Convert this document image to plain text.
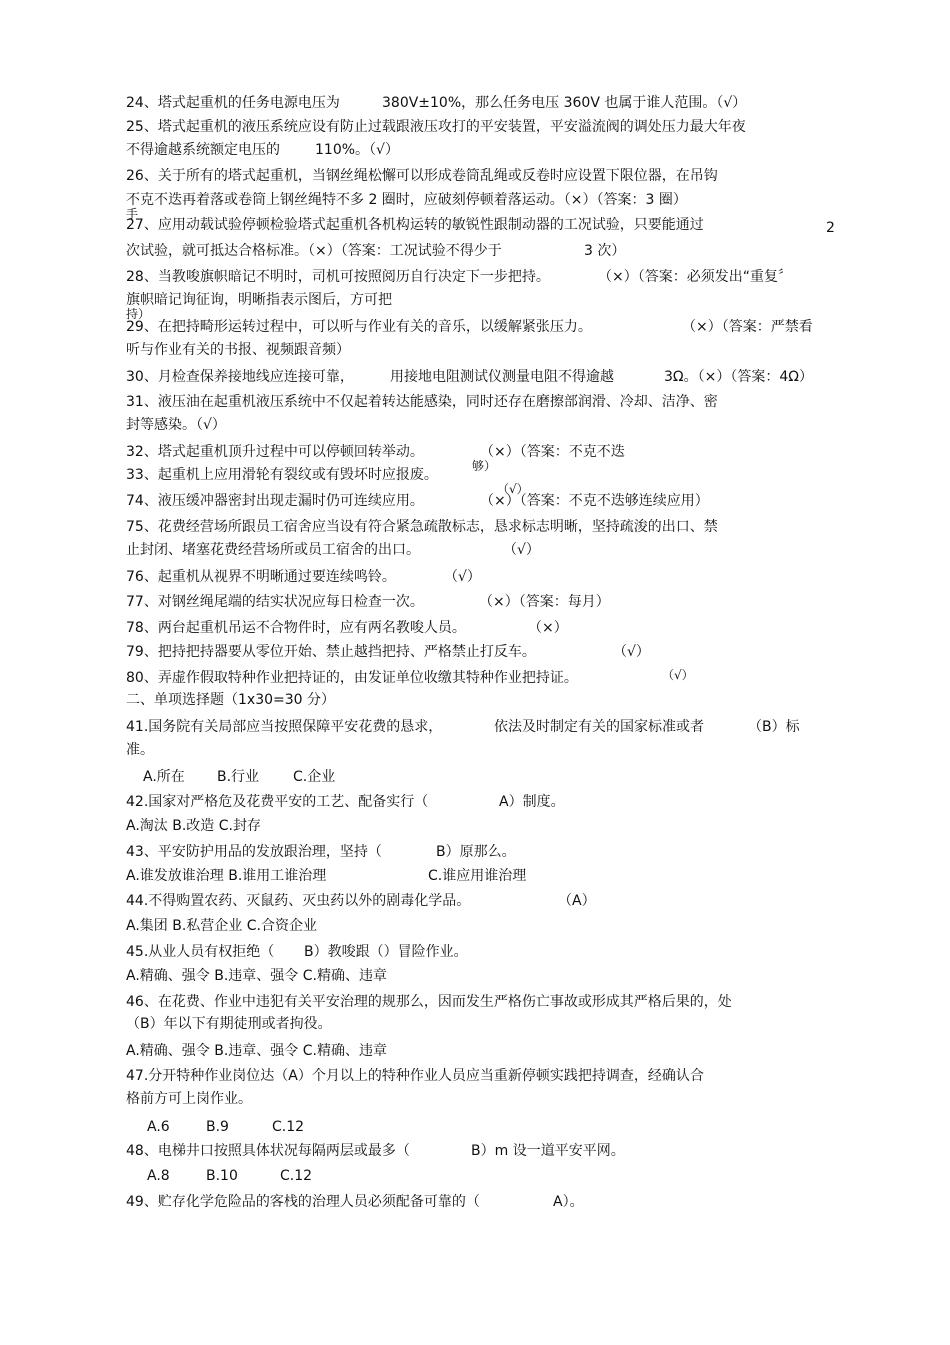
2
24、塔式起重机的任务电源电压为	380V±10%，那么任务电压 360V 也属于谁人范围。（√）
25、塔式起重机的液压系统应设有防止过载跟液压攻打的平安装置，平安溢流阀的调处压力最大年夜
不得逾越系统额定电压的	110%。（√）
26、关于所有的塔式起重机，当钢丝绳松懈可以形成卷筒乱绳或反卷时应设置下限位器，在吊钩
不克不迭再着落或卷筒上钢丝绳特不多 2 圈时，应破刻停顿着落运动。（×）（答案：3 圈）
手
27、应用动载试验停顿检验塔式起重机各机构运转的敏锐性跟制动器的工况试验，只要能通过
次试验，就可抵达合格标准。（×）（答案：工况试验不得少于	3 次）
28、当教唆旗帜暗记不明时，司机可按照阅历自行决定下一步把持。	（×）（答案：必须发出“重复〞
旗帜暗记询征询，明晰指表示图后，方可把
持）
29、在把持畸形运转过程中，可以听与作业有关的音乐，以缓解紧张压力。	（×）（答案：严禁看
听与作业有关的书报、视频跟音频）
30、月检查保养接地线应连接可靠，	用接地电阻测试仪测量电阻不得逾越	3Ω。（×）（答案：4Ω）
31、液压油在起重机液压系统中不仅起着转达能感染，同时还存在磨擦部润滑、冷却、洁净、密
封等感染。（√）
32、塔式起重机顶升过程中可以停顿回转举动。	（×）（答案：不克不迭
够）
33、起重机上应用滑轮有裂纹或有毁坏时应报废。
（√）
74、液压缓冲器密封出现走漏时仍可连续应用。	（×）（答案：不克不迭够连续应用）
75、花费经营场所跟员工宿舍应当设有符合紧急疏散标志，恳求标志明晰，坚持疏浚的出口、禁
止封闭、堵塞花费经营场所或员工宿舍的出口。	（√）
76、起重机从视界不明晰通过要连续鸣铃。	（√）
77、对钢丝绳尾端的结实状况应每日检查一次。	（×）（答案：每月）
78、两台起重机吊运不合物件时，应有两名教唆人员。	（×）
79、把持把持器要从零位开始、禁止越挡把持、严格禁止打反车。	（√）
80、弄虚作假取特种作业把持证的，由发证单位收缴其特种作业把持证。	（√）
二、单项选择题（1x30=30 分）
41.国务院有关局部应当按照保障平安花费的恳求，	依法及时制定有关的国家标准或者	（B）标
准。
A.所在 B.行业 C.企业
42.国家对严格危及花费平安的工艺、配备实行（	A）制度。
A.淘汰 B.改造 C.封存
43、平安防护用品的发放跟治理，坚持（	B）原那么。
A.谁发放谁治理 B.谁用工谁治理	C.谁应用谁治理
44.不得购置农药、灭鼠药、灭虫药以外的剧毒化学品。	（A）
A.集团 B.私营企业 C.合资企业
45.从业人员有权拒绝（ B）教唆跟（）冒险作业。
A.精确、强令 B.违章、强令 C.精确、违章
46、在花费、作业中违犯有关平安治理的规那么，因而发生严格伤亡事故或形成其严格后果的，处
（B）年以下有期徒刑或者拘役。
A.精确、强令 B.违章、强令 C.精确、违章
47.分开特种作业岗位达（A）个月以上的特种作业人员应当重新停顿实践把持调查，经确认合
格前方可上岗作业。
A.6	B.9	C.12
48、电梯井口按照具体状况每隔两层或最多（	B）m 设一道平安平网。
A.8	B.10	C.12
49、贮存化学危险品的客栈的治理人员必须配备可靠的（	A）。
